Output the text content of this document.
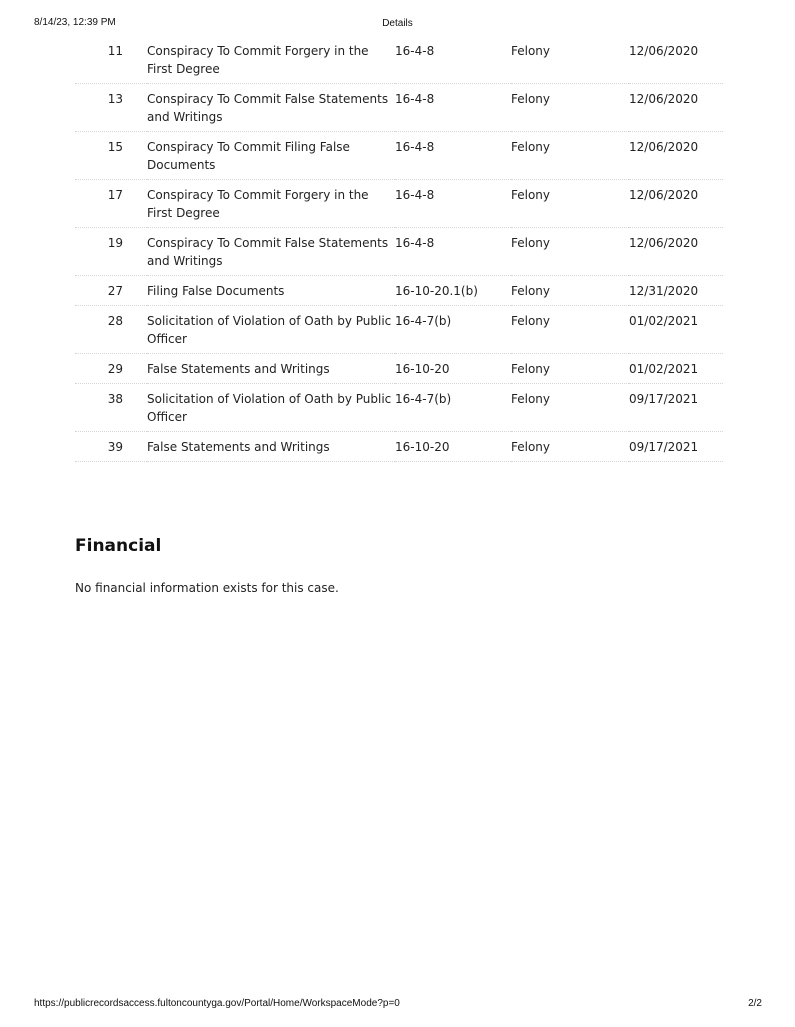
8/14/23, 12:39 PM	Details
11	Conspiracy To Commit Forgery in the First Degree	16-4-8	Felony	12/06/2020
13	Conspiracy To Commit False Statements and Writings	16-4-8	Felony	12/06/2020
15	Conspiracy To Commit Filing False Documents	16-4-8	Felony	12/06/2020
17	Conspiracy To Commit Forgery in the First Degree	16-4-8	Felony	12/06/2020
19	Conspiracy To Commit False Statements and Writings	16-4-8	Felony	12/06/2020
27	Filing False Documents	16-10-20.1(b)	Felony	12/31/2020
28	Solicitation of Violation of Oath by Public Officer	16-4-7(b)	Felony	01/02/2021
29	False Statements and Writings	16-10-20	Felony	01/02/2021
38	Solicitation of Violation of Oath by Public Officer	16-4-7(b)	Felony	09/17/2021
39	False Statements and Writings	16-10-20	Felony	09/17/2021
Financial
No financial information exists for this case.
https://publicrecordsaccess.fultoncountyga.gov/Portal/Home/WorkspaceMode?p=0	2/2
